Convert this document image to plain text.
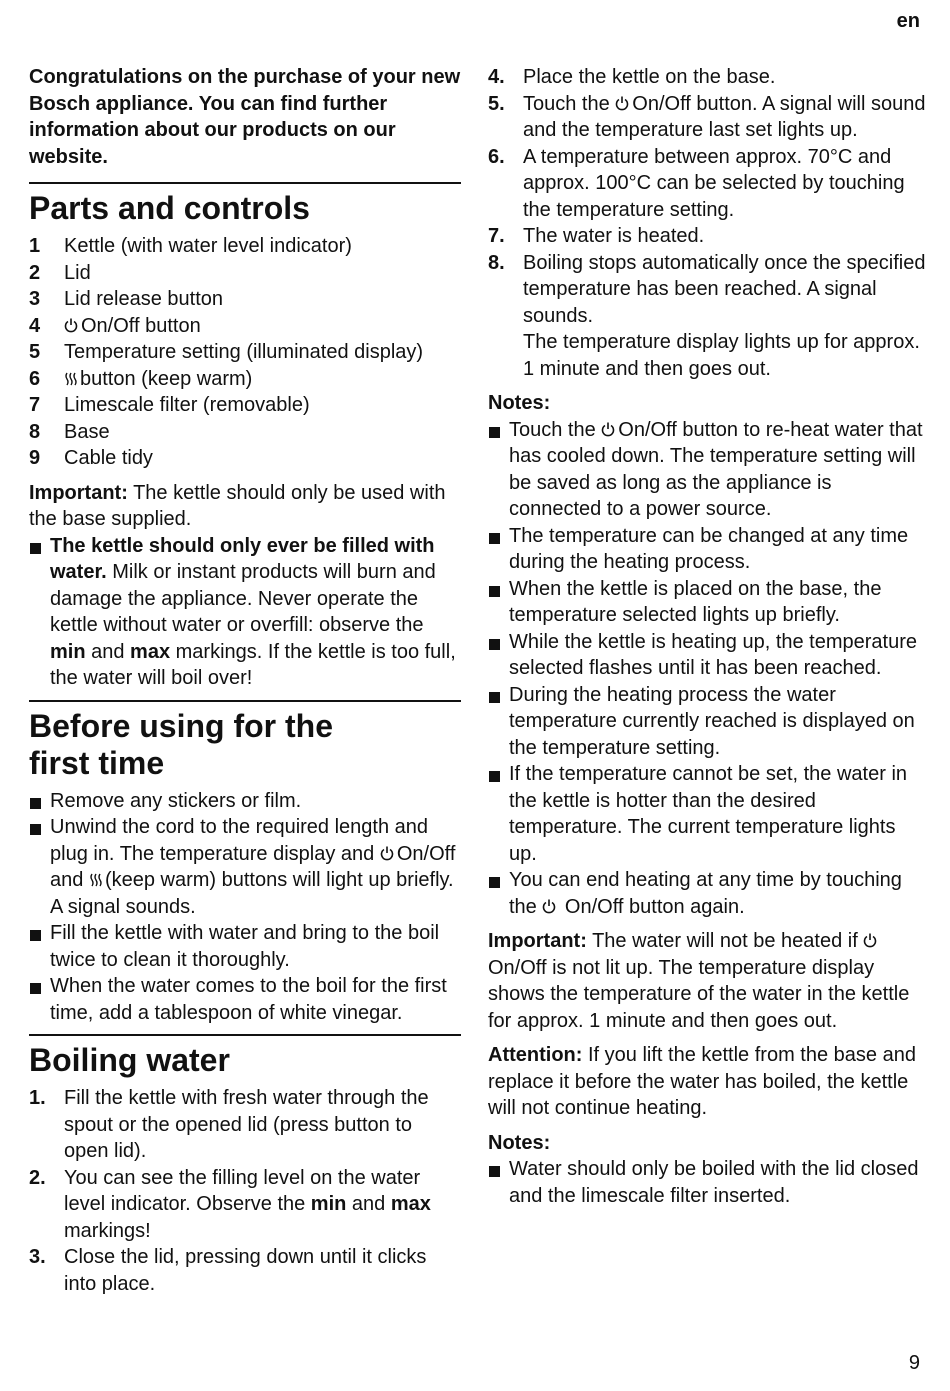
en

Congratulations on the purchase of your new Bosch appliance. You can find further information about our products on our website.

Parts and controls
1	Kettle (with water level indicator)
2	Lid
3	Lid release button
4	On/Off button
5	Temperature setting (illuminated display)
6	button (keep warm)
7	Limescale filter (removable)
8	Base
9	Cable tidy

Important: The kettle should only be used with the base supplied.

The kettle should only ever be filled with water. Milk or instant products will burn and damage the appliance. Never operate the kettle without water or overfill: observe the min and max markings. If the kettle is too full, the water will boil over!
Before using for the
first time
Remove any stickers or film.
Unwind the cord to the required length and plug in. The temperature display and On/Off and (keep warm) buttons will light up briefly. A signal sounds.
Fill the kettle with water and bring to the boil twice to clean it thoroughly.
When the water comes to the boil for the first time, add a tablespoon of white vinegar.
Boiling water
1. Fill the kettle with fresh water through the spout or the opened lid (press button to open lid).
2. You can see the filling level on the water level indicator. Observe the min and max markings!
3. Close the lid, pressing down until it clicks into place.
4. Place the kettle on the base.
5. Touch the On/Off button. A signal will sound and the temperature last set lights up.
6. A temperature between approx. 70°C and approx. 100°C can be selected by touching the temperature setting.
7. The water is heated.
8. Boiling stops automatically once the specified temperature has been reached. A signal sounds.
The temperature display lights up for approx. 1 minute and then goes out.

Notes:

Touch the On/Off button to re-heat water that has cooled down. The temperature setting will be saved as long as the appliance is connected to a power source.
The temperature can be changed at any time during the heating process.
When the kettle is placed on the base, the temperature selected lights up briefly.
While the kettle is heating up, the temperature selected flashes until it has been reached.
During the heating process the water temperature currently reached is displayed on the temperature setting.
If the temperature cannot be set, the water in the kettle is hotter than the desired temperature. The current temperature lights up.
You can end heating at any time by touching the  On/Off button again.

Important: The water will not be heated if On/Off is not lit up. The temperature display shows the temperature of the water in the kettle for approx. 1 minute and then goes out.

Attention: If you lift the kettle from the base and replace it before the water has boiled, the kettle will not continue heating.

Notes:

Water should only be boiled with the lid closed and the limescale filter inserted.
9
